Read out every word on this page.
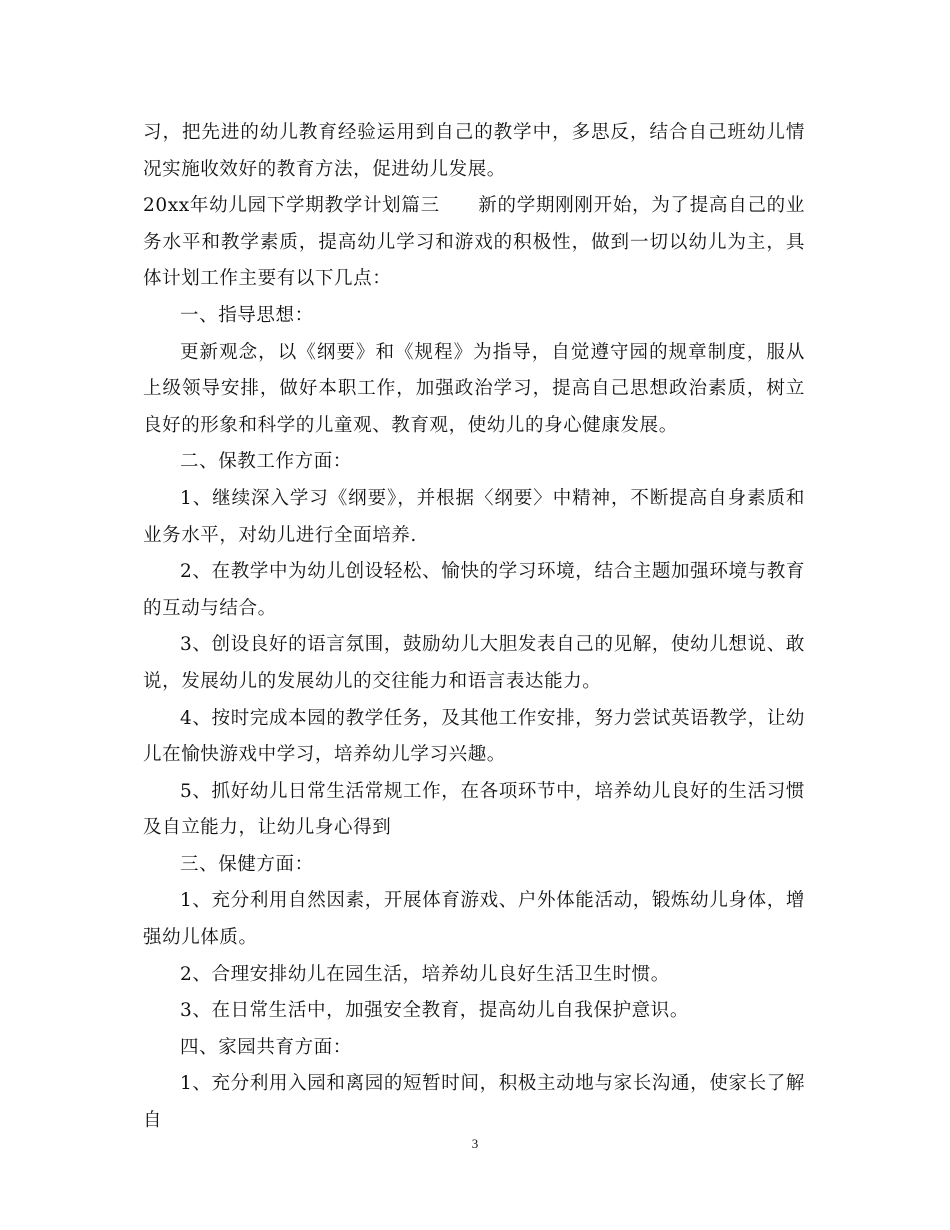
习，把先进的幼儿教育经验运用到自己的教学中，多思反，结合自己班幼儿情况实施收效好的教育方法，促进幼儿发展。

20xx年幼儿园下学期教学计划篇三　　新的学期刚刚开始，为了提高自己的业务水平和教学素质，提高幼儿学习和游戏的积极性，做到一切以幼儿为主，具体计划工作主要有以下几点：

一、指导思想：

更新观念，以《纲要》和《规程》为指导，自觉遵守园的规章制度，服从上级领导安排，做好本职工作，加强政治学习，提高自己思想政治素质，树立良好的形象和科学的儿童观、教育观，使幼儿的身心健康发展。

二、保教工作方面：

1、继续深入学习《纲要》，并根据〈纲要〉中精神，不断提高自身素质和业务水平，对幼儿进行全面培养.

2、在教学中为幼儿创设轻松、愉快的学习环境，结合主题加强环境与教育的互动与结合。

3、创设良好的语言氛围，鼓励幼儿大胆发表自己的见解，使幼儿想说、敢说，发展幼儿的发展幼儿的交往能力和语言表达能力。

4、按时完成本园的教学任务，及其他工作安排，努力尝试英语教学，让幼儿在愉快游戏中学习，培养幼儿学习兴趣。

5、抓好幼儿日常生活常规工作，在各项环节中，培养幼儿良好的生活习惯及自立能力，让幼儿身心得到

三、保健方面：

1、充分利用自然因素，开展体育游戏、户外体能活动，锻炼幼儿身体，增强幼儿体质。

2、合理安排幼儿在园生活，培养幼儿良好生活卫生时惯。

3、在日常生活中，加强安全教育，提高幼儿自我保护意识。

四、家园共育方面：

1、充分利用入园和离园的短暂时间，积极主动地与家长沟通，使家长了解自

3
